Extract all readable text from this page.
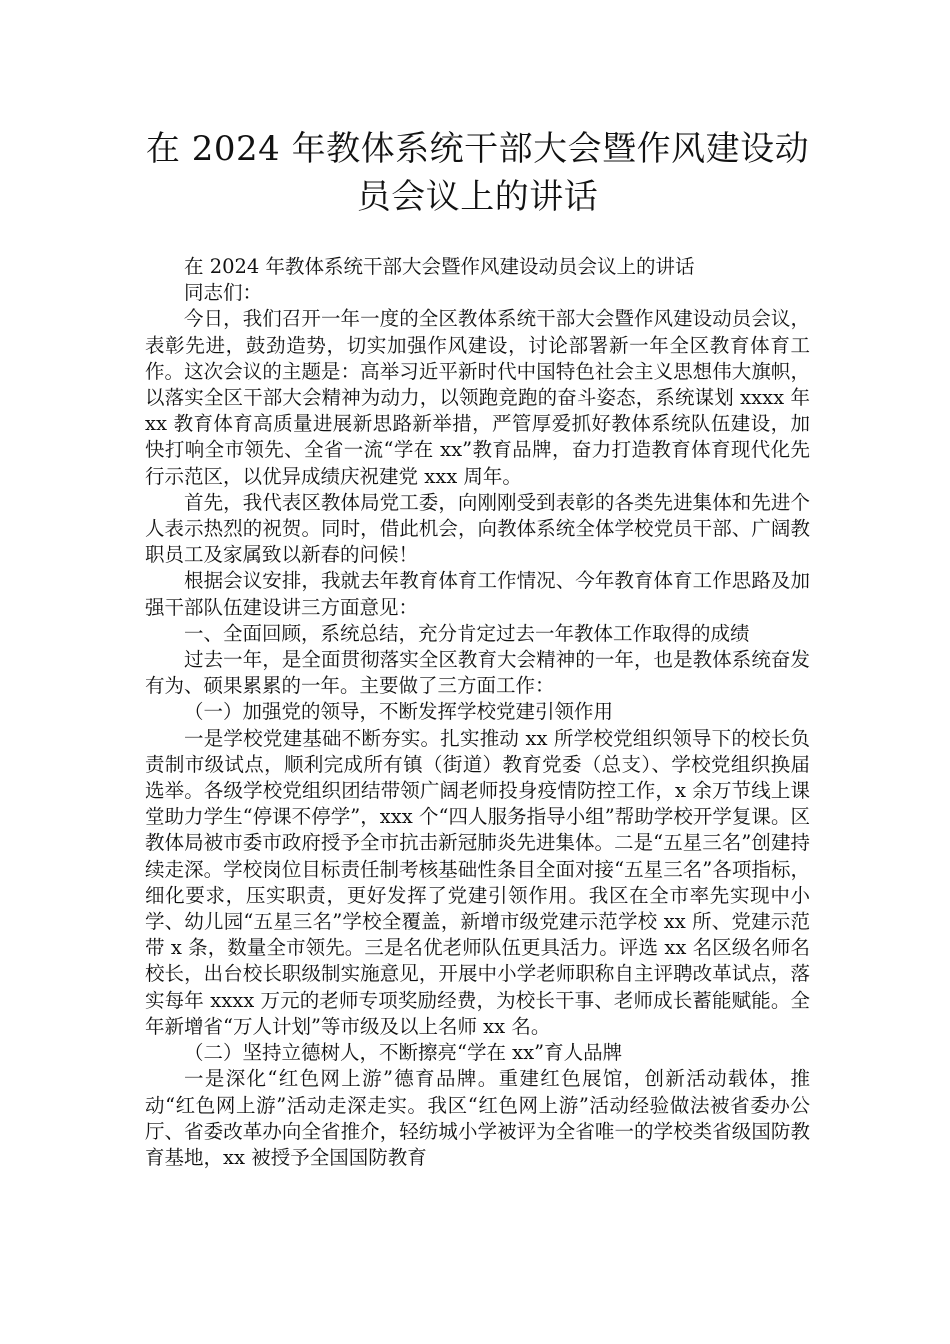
在 2024 年教体系统干部大会暨作风建设动
员会议上的讲话

在 2024 年教体系统干部大会暨作风建设动员会议上的讲话

同志们：

今日，我们召开一年一度的全区教体系统干部大会暨作风建设动员会议，表彰先进，鼓劲造势，切实加强作风建设，讨论部署新一年全区教育体育工作。这次会议的主题是：高举习近平新时代中国特色社会主义思想伟大旗帜，以落实全区干部大会精神为动力，以领跑竞跑的奋斗姿态，系统谋划 xxxx 年 xx 教育体育高质量进展新思路新举措，严管厚爱抓好教体系统队伍建设，加快打响全市领先、全省一流“学在 xx”教育品牌，奋力打造教育体育现代化先行示范区，以优异成绩庆祝建党 xxx 周年。

首先，我代表区教体局党工委，向刚刚受到表彰的各类先进集体和先进个人表示热烈的祝贺。同时，借此机会，向教体系统全体学校党员干部、广阔教职员工及家属致以新春的问候！

根据会议安排，我就去年教育体育工作情况、今年教育体育工作思路及加强干部队伍建设讲三方面意见：

一、全面回顾，系统总结，充分肯定过去一年教体工作取得的成绩

过去一年，是全面贯彻落实全区教育大会精神的一年，也是教体系统奋发有为、硕果累累的一年。主要做了三方面工作：

（一）加强党的领导，不断发挥学校党建引领作用

一是学校党建基础不断夯实。扎实推动 xx 所学校党组织领导下的校长负责制市级试点，顺利完成所有镇（街道）教育党委（总支）、学校党组织换届选举。各级学校党组织团结带领广阔老师投身疫情防控工作，x 余万节线上课堂助力学生“停课不停学”，xxx 个“四人服务指导小组”帮助学校开学复课。区教体局被市委市政府授予全市抗击新冠肺炎先进集体。二是“五星三名”创建持续走深。学校岗位目标责任制考核基础性条目全面对接“五星三名”各项指标，细化要求，压实职责，更好发挥了党建引领作用。我区在全市率先实现中小学、幼儿园“五星三名”学校全覆盖，新增市级党建示范学校 xx 所、党建示范带 x 条，数量全市领先。三是名优老师队伍更具活力。评选 xx 名区级名师名校长，出台校长职级制实施意见，开展中小学老师职称自主评聘改革试点，落实每年 xxxx 万元的老师专项奖励经费，为校长干事、老师成长蓄能赋能。全年新增省“万人计划”等市级及以上名师 xx 名。

（二）坚持立德树人，不断擦亮“学在 xx”育人品牌

一是深化“红色网上游”德育品牌。重建红色展馆，创新活动载体，推动“红色网上游”活动走深走实。我区“红色网上游”活动经验做法被省委办公厅、省委改革办向全省推介，轻纺城小学被评为全省唯一的学校类省级国防教育基地，xx 被授予全国国防教育
